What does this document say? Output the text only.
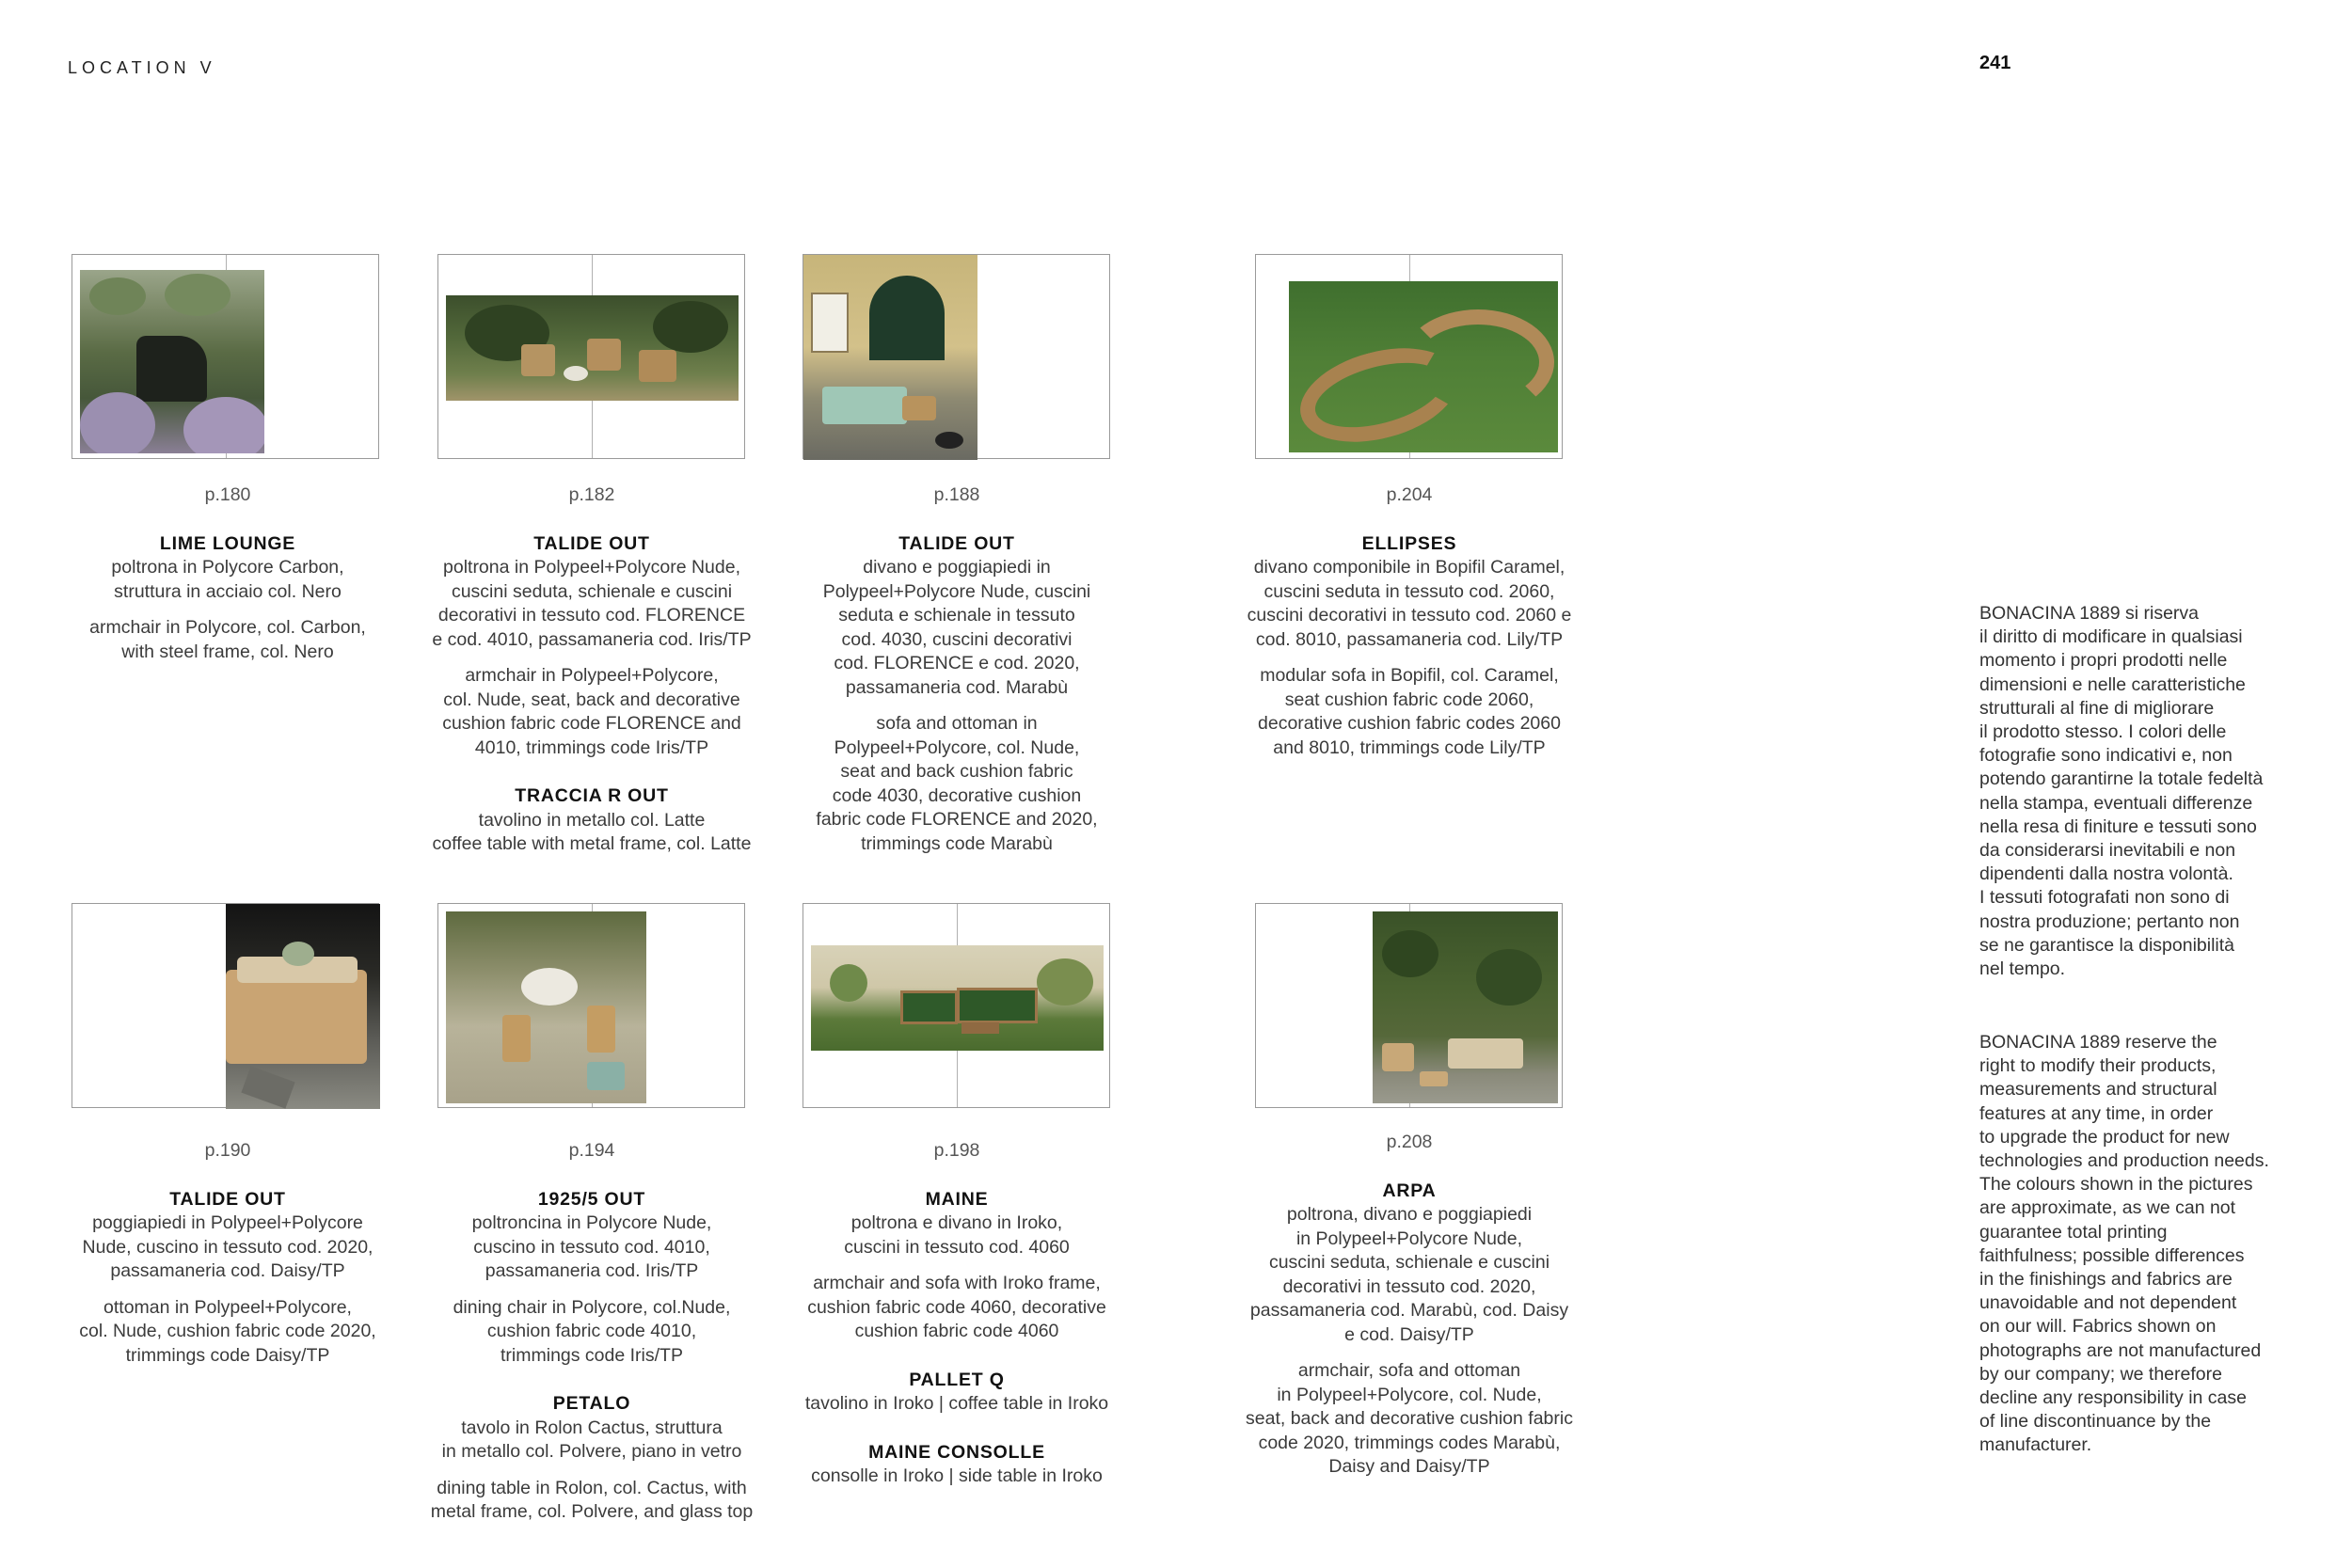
LOCATION V	241
p.180
LIME LOUNGE
poltrona in Polycore Carbon,
struttura in acciaio col. Nero
armchair in Polycore, col. Carbon,
with steel frame, col. Nero
p.182
TALIDE OUT
poltrona in Polypeel+Polycore Nude,
cuscini seduta, schienale e cuscini
decorativi in tessuto cod. FLORENCE
e cod. 4010, passamaneria cod. Iris/TP
armchair in Polypeel+Polycore,
col. Nude, seat, back and decorative
cushion fabric code FLORENCE and
4010, trimmings code Iris/TP
TRACCIA R OUT
tavolino in metallo col. Latte
coffee table with metal frame, col. Latte
p.188
TALIDE OUT
divano e poggiapiedi in
Polypeel+Polycore Nude, cuscini
seduta e schienale in tessuto
cod. 4030, cuscini decorativi
cod. FLORENCE e cod. 2020,
passamaneria cod. Marabù
sofa and ottoman in
Polypeel+Polycore, col. Nude,
seat and back cushion fabric
code 4030, decorative cushion
fabric code FLORENCE and 2020,
trimmings code Marabù
p.204
ELLIPSES
divano componibile in Bopifil Caramel,
cuscini seduta in tessuto cod. 2060,
cuscini decorativi in tessuto cod. 2060 e
cod. 8010, passamaneria cod. Lily/TP
modular sofa in Bopifil, col. Caramel,
seat cushion fabric code 2060,
decorative cushion fabric codes 2060
and 8010, trimmings code Lily/TP
p.190
TALIDE OUT
poggiapiedi in Polypeel+Polycore
Nude, cuscino in tessuto cod. 2020,
passamaneria cod. Daisy/TP
ottoman in Polypeel+Polycore,
col. Nude, cushion fabric code 2020,
trimmings code Daisy/TP
p.194
1925/5 OUT
poltroncina in Polycore Nude,
cuscino in tessuto cod. 4010,
passamaneria cod. Iris/TP
dining chair in Polycore, col.Nude,
cushion fabric code 4010,
trimmings code Iris/TP
PETALO
tavolo in Rolon Cactus, struttura
in metallo col. Polvere, piano in vetro
dining table in Rolon, col. Cactus, with
metal frame, col. Polvere, and glass top
p.198
MAINE
poltrona e divano in Iroko,
cuscini in tessuto cod. 4060
armchair and sofa with Iroko frame,
cushion fabric code 4060, decorative
cushion fabric code 4060
PALLET Q
tavolino in Iroko | coffee table in Iroko
MAINE CONSOLLE
consolle in Iroko | side table in Iroko
p.208
ARPA
poltrona, divano e poggiapiedi
in Polypeel+Polycore Nude,
cuscini seduta, schienale e cuscini
decorativi in tessuto cod. 2020,
passamaneria cod. Marabù, cod. Daisy
e cod. Daisy/TP
armchair, sofa and ottoman
in Polypeel+Polycore, col. Nude,
seat, back and decorative cushion fabric
code 2020, trimmings codes Marabù,
Daisy and Daisy/TP
BONACINA 1889 si riserva
il diritto di modificare in qualsiasi
momento i propri prodotti nelle
dimensioni e nelle caratteristiche
strutturali al fine di migliorare
il prodotto stesso. I colori delle
fotografie sono indicativi e, non
potendo garantirne la totale fedeltà
nella stampa, eventuali differenze
nella resa di finiture e tessuti sono
da considerarsi inevitabili e non
dipendenti dalla nostra volontà.
I tessuti fotografati non sono di
nostra produzione; pertanto non
se ne garantisce la disponibilità
nel tempo.
BONACINA 1889 reserve the
right to modify their products,
measurements and structural
features at any time, in order
to upgrade the product for new
technologies and production needs.
The colours shown in the pictures
are approximate, as we can not
guarantee total printing
faithfulness; possible differences
in the finishings and fabrics are
unavoidable and not dependent
on our will. Fabrics shown on
photographs are not manufactured
by our company; we therefore
decline any responsibility in case
of line discontinuance by the
manufacturer.
